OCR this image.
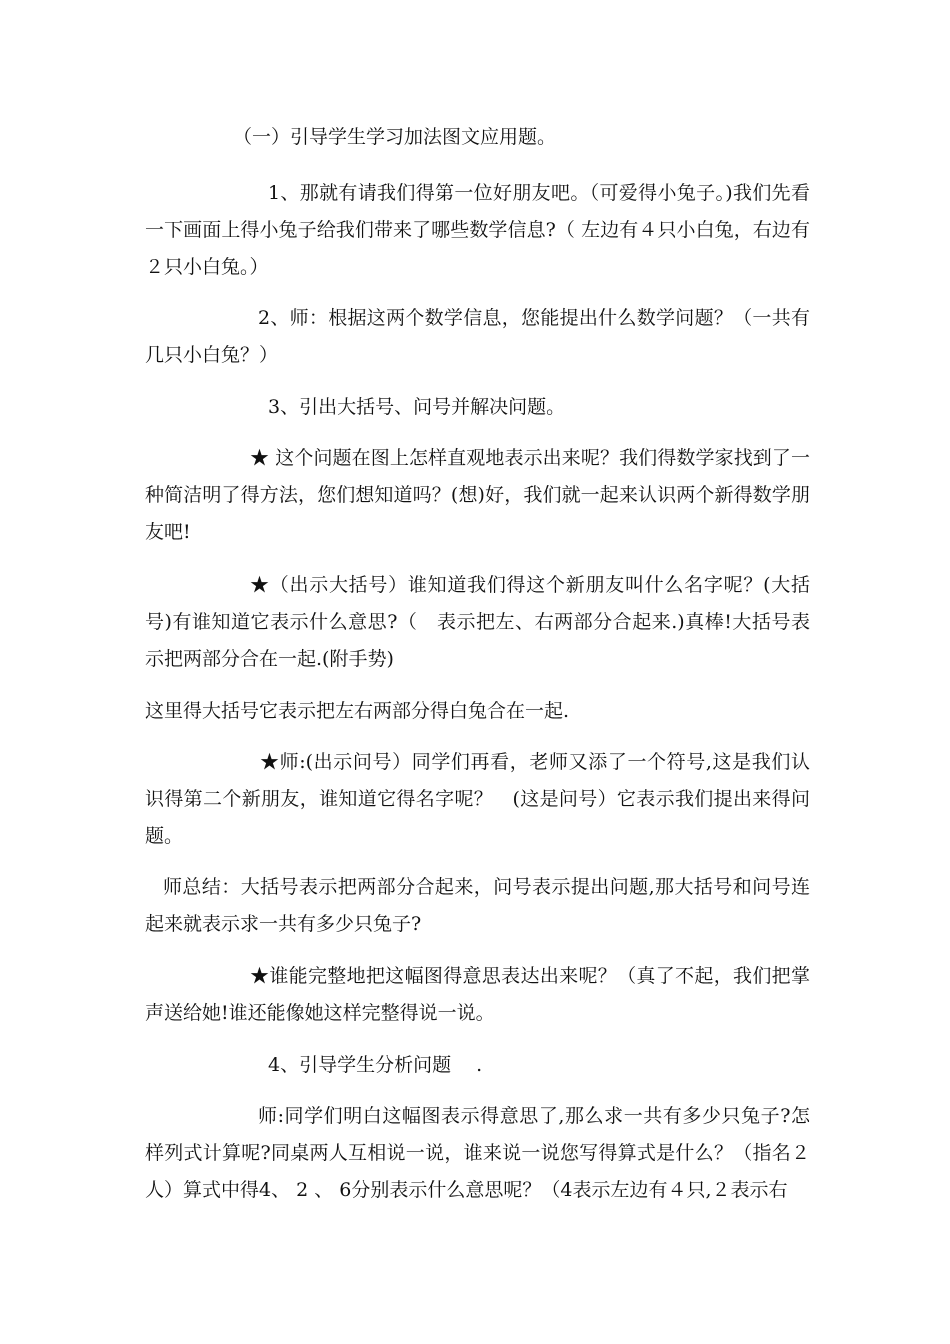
（一）引导学生学习加法图文应用题。
1、那就有请我们得第一位好朋友吧。（可爱得小兔子。)我们先看一下画面上得小兔子给我们带来了哪些数学信息?（ 左边有４只小白兔，右边有２只小白兔。）
2、师：根据这两个数学信息，您能提出什么数学问题？（一共有几只小白兔？）
3、引出大括号、问号并解决问题。
★ 这个问题在图上怎样直观地表示出来呢？我们得数学家找到了一种简洁明了得方法，您们想知道吗？(想)好，我们就一起来认识两个新得数学朋友吧!
★（出示大括号）谁知道我们得这个新朋友叫什么名字呢？(大括号)有谁知道它表示什么意思?（　表示把左、右两部分合起来.)真棒!大括号表示把两部分合在一起.(附手势)
这里得大括号它表示把左右两部分得白兔合在一起.
★师:(出示问号）同学们再看，老师又添了一个符号,这是我们认识得第二个新朋友，谁知道它得名字呢？　(这是问号）它表示我们提出来得问题。
师总结：大括号表示把两部分合起来，问号表示提出问题,那大括号和问号连起来就表示求一共有多少只兔子?
★谁能完整地把这幅图得意思表达出来呢？（真了不起，我们把掌声送给她!谁还能像她这样完整得说一说。
4、引导学生分析问题　 .
师:同学们明白这幅图表示得意思了,那么求一共有多少只兔子?怎样列式计算呢?同桌两人互相说一说，谁来说一说您写得算式是什么？（指名２人）算式中得4、 2 、 6分别表示什么意思呢？（4表示左边有４只,２表示右
